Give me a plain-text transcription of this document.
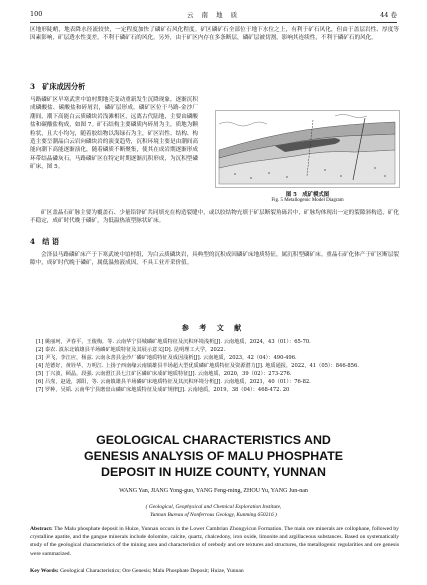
100	云 南 地 质	44 卷

区地形陡峭，地表降水径流较快，一定程度加快了磷矿石风化程度。矿区磷矿石全部位于地下水位之上，有利于矿石风化，但由于盖层岩性、厚度等因素影响，矿层透水性变差，不利于磷矿石的风化。另外，由于矿区内存在多条断层，磷矿层被切割，影响其连续性，不利于磷矿石的风化。

3　矿床成因分析

马路磷矿区早寒武世中谊村期地壳变动重新发生沉降现象，逐渐沉积成磷酸盐、碳酸盐和碎屑岩，磷矿层形成。磷矿区位于马路-金沙厂潮间、潮下高能白云质磷块岩浅滩相区，远离古代陆地，主要由磷酸盐和碳酸盐构成，如图 7。矿石结构主要磷质内碎屑为主，质地为颗粒状，且大小均匀，随着胶结物以海绿石为主，矿区岩性、结构、构造主要呈潮晶白云岩向磷块岩的演变趋势，沉积环境主要是由潮间高能向潮下高能逐渐演化，随着磷质不断聚集，使其在成岩期逐渐形成环带结晶磷灰石。马路磷矿区在特定时期逐渐沉积形成，为沉积型磷矿床，图 5。

图 5　成矿模式图
Fig. 5 Metallogenic Model Diagram

矿区盖晶石矿脉主要为覆盖石、少量铅锌矿共同填充在构造裂缝中，或以胶结物充填于矿层断裂角砾岩中，矿脉均体现出一定的裂隙斜构造，矿化不稳定，成矿时代晚于磷矿，为低温热液型脉状矿床。

4　结 语

会泽县马路磷矿床产于下寒武统中谊村组，为白云质磷块岩，具典型的沉积成因磷矿床地质特征，属沉积型磷矿床。重晶石矿化体产于矿区断层裂隙中，成矿时代晚于磷矿，属低温热液成因，不具工业开采价值。

参 考 文 献
[1] 姚丽珂，尹春平，王俊梅，等. 云南华宁县城磷矿地质特征及沉积环境浅析[J]. 云南地质，2024，43（01）：65-70.
[2] 泰农. 滇东北镇雄县羊场磷矿地质特征及其展示意义[D]. 昆明理工大学，2022.
[3] 尹飞，李江应，杨兹. 云南永善县金沙厂磷矿地质特征及成因浅析[J]. 云南地质，2023，42（04）：490-496.
[4] 范德好，黄铨华，万明江. 上扬子西南缘云南镇雄县羊场超大型优质磷矿地质特征及资源潜力[J]. 地质通报，2022，41（05）：846-856.
[5] 丁兴波，顾晶，段强. 云南澄江县七江矿区磷矿床成矿地质特征[J]. 云南地质，2020，39（02）：273-276.
[6] 吕焘，赵逊，郭阳，等. 云南镇雄县羊场磷矿床地质特征及其沉积环境分析[J]. 云南地质，2021，40（01）：76-82.
[7] 罗种，吴韬. 云南华宁县磨盘山磷矿床地质特征及成矿规律[J]. 云南地质，2019，38（04）：468-472. 20
GEOLOGICAL CHARACTERISTICS AND
GENESIS ANALYSIS OF MALU PHOSPHATE
DEPOSIT IN HUIZE COUNTY, YUNNAN
WANG Yan, JIANG Yong-guo, YANG Feng-ming, ZHOU Yu, YANG Jun-nan
( Geological, Geophysical and Chemical Exploration Institute,
Yunnan Bureau of Nonferrous Geology, Kunming 650216 )
Abstract: The Malu phosphate deposit in Huize, Yunnan occurs in the Lower Cambrian Zhongyicun Formation. The main ore minerals are collophane, followed by crystalline apatite, and the gangue minerals include dolomite, calcite, quartz, chalcedony, iron oxide, limonite and argillaceous substances. Based on systematically study of the geological characteristics of the mining area and characteristics of orebody and ore textures and structures, the metallogenic regularities and ore genesis were summarized.
Key Words: Geological Characteristics; Ore Genesis; Malu Phosphate Deposit; Huize, Yunnan
